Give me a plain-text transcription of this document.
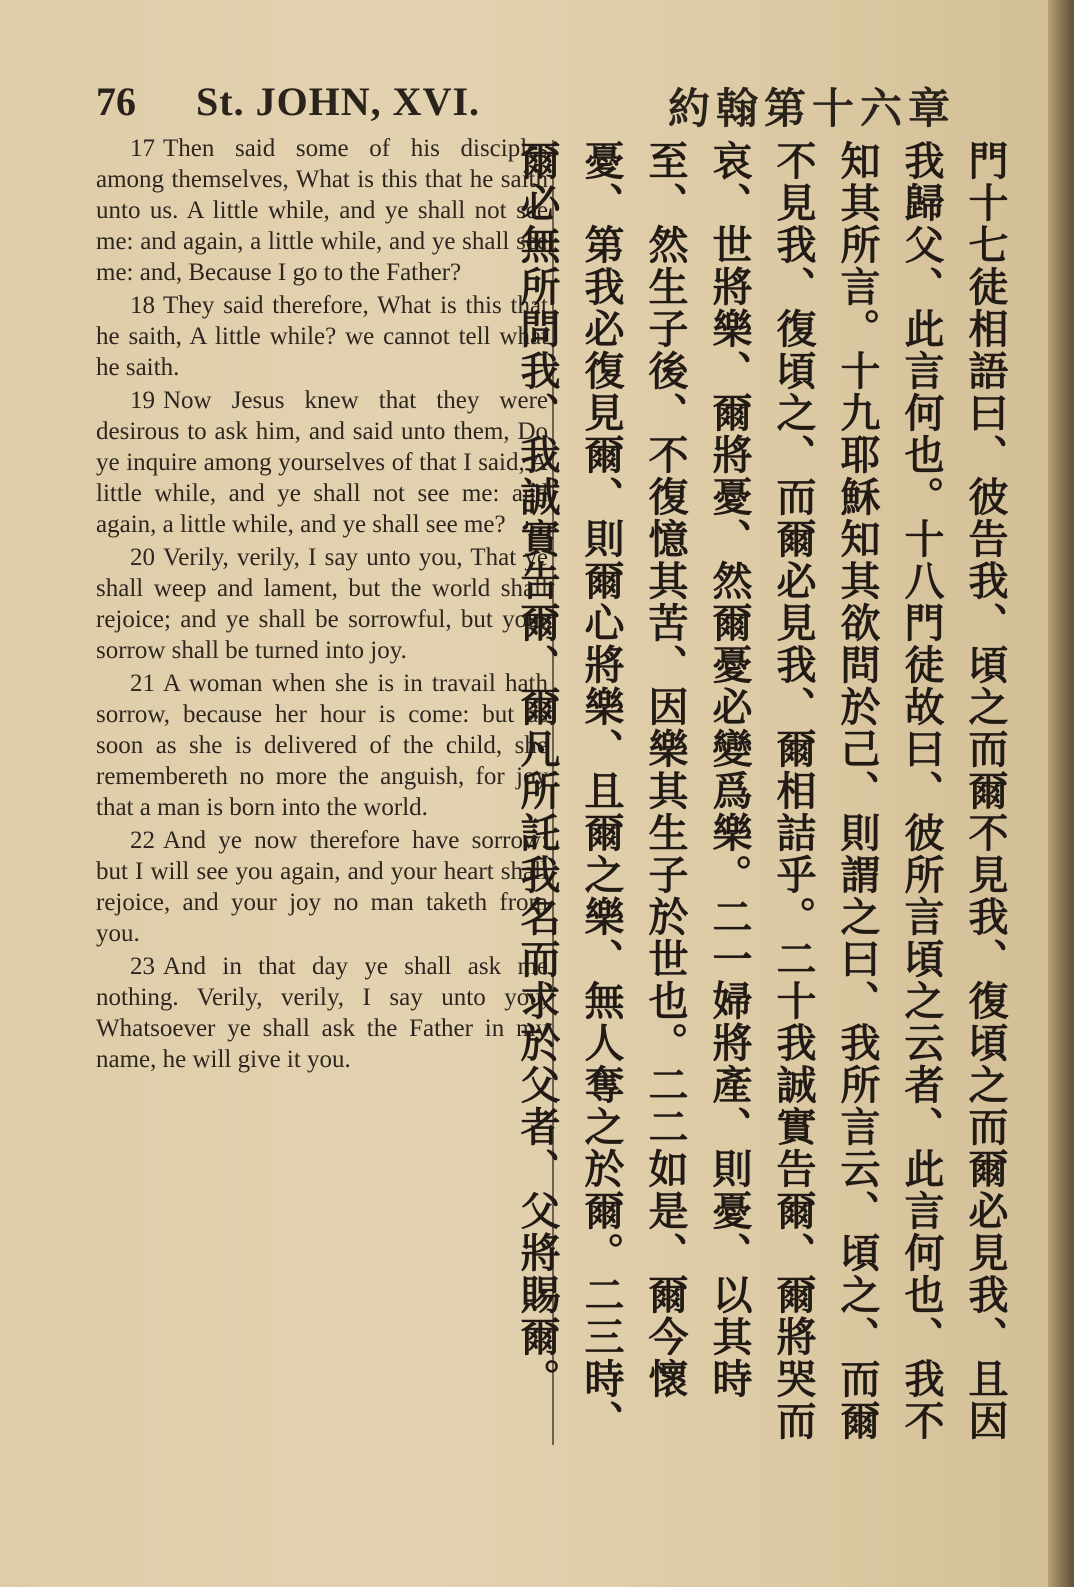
76 St. JOHN, XVI.	約翰第十六章

17 Then said some of his disciples among themselves, What is this that he saith unto us. A little while, and ye shall not see me: and again, a little while, and ye shall see me: and, Because I go to the Father?

18 They said therefore, What is this that he saith, A little while? we cannot tell what he saith.

19 Now Jesus knew that they were desirous to ask him, and said unto them, Do ye inquire among yourselves of that I said, A little while, and ye shall not see me: and again, a little while, and ye shall see me?

20 Verily, verily, I say unto you, That ye shall weep and lament, but the world shall rejoice; and ye shall be sorrowful, but your sorrow shall be turned into joy.

21 A woman when she is in travail hath sorrow, because her hour is come: but as soon as she is delivered of the child, she remembereth no more the anguish, for joy that a man is born into the world.

22 And ye now therefore have sorrow: but I will see you again, and your heart shall rejoice, and your joy no man taketh from you.

23 And in that day ye shall ask me nothing. Verily, verily, I say unto you, Whatsoever ye shall ask the Father in my name, he will give it you.	門十七徒相語曰、彼告我、頃之而爾不見我、復頃之而爾必見我、且因我歸父、此言何也。十八門徒故曰、彼所言頃之云者、此言何也、我不知其所言。十九耶穌知其欲問於己、則謂之曰、我所言云、頃之、而爾不見我、復頃之、而爾必見我、爾相詰乎。二十我誠實告爾、爾將哭而哀、世將樂、爾將憂、然爾憂必變爲樂。二一婦將產、則憂、以其時至、然生子後、不復憶其苦、因樂其生子於世也。二二如是、爾今懷憂、第我必復見爾、則爾心將樂、且爾之樂、無人奪之於爾。二三時、爾必無所問我、我誠實告爾、爾凡所託我名而求於父者、父將賜爾。
